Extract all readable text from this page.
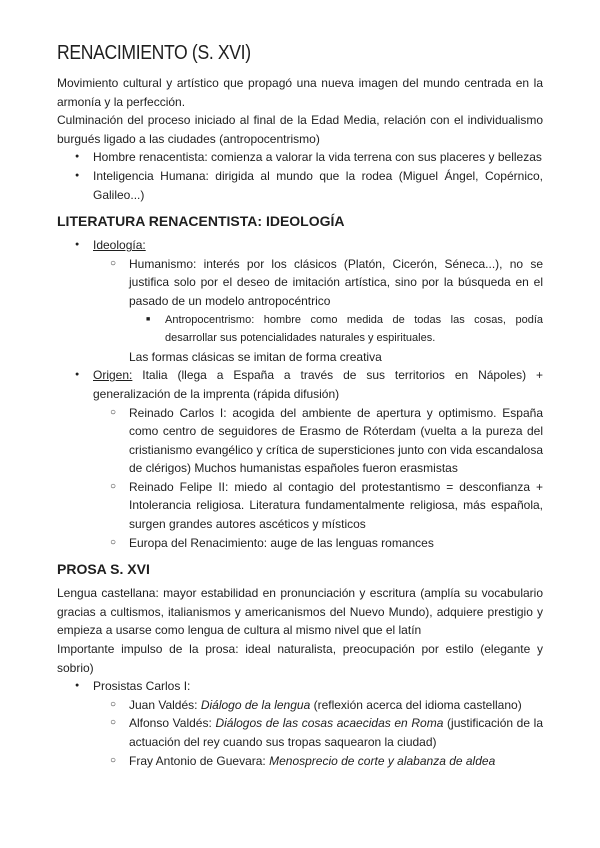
RENACIMIENTO (S. XVI)

Movimiento cultural y artístico que propagó una nueva imagen del mundo centrada en la armonía y la perfección.

Culminación del proceso iniciado al final de la Edad Media, relación con el individualismo burgués ligado a las ciudades (antropocentrismo)

● Hombre renacentista: comienza a valorar la vida terrena con sus placeres y bellezas
● Inteligencia Humana: dirigida al mundo que la rodea (Miguel Ángel, Copérnico, Galileo...)
LITERATURA RENACENTISTA: IDEOLOGÍA
● Ideología:
○ Humanismo: interés por los clásicos (Platón, Cicerón, Séneca...), no se justifica solo por el deseo de imitación artística, sino por la búsqueda en el pasado de un modelo antropocéntrico
■ Antropocentrismo: hombre como medida de todas las cosas, podía desarrollar sus potencialidades naturales y espirituales.
Las formas clásicas se imitan de forma creativa
● Origen: Italia (llega a España a través de sus territorios en Nápoles) + generalización de la imprenta (rápida difusión)
○ Reinado Carlos I: acogida del ambiente de apertura y optimismo. España como centro de seguidores de Erasmo de Róterdam (vuelta a la pureza del cristianismo evangélico y crítica de supersticiones junto con vida escandalosa de clérigos) Muchos humanistas españoles fueron erasmistas
○ Reinado Felipe II: miedo al contagio del protestantismo = desconfianza + Intolerancia religiosa. Literatura fundamentalmente religiosa, más española, surgen grandes autores ascéticos y místicos
○ Europa del Renacimiento: auge de las lenguas romances
PROSA S. XVI

Lengua castellana: mayor estabilidad en pronunciación y escritura (amplía su vocabulario gracias a cultismos, italianismos y americanismos del Nuevo Mundo), adquiere prestigio y empieza a usarse como lengua de cultura al mismo nivel que el latín

Importante impulso de la prosa: ideal naturalista, preocupación por estilo (elegante y sobrio)

● Prosistas Carlos I:
○ Juan Valdés: Diálogo de la lengua (reflexión acerca del idioma castellano)
○ Alfonso Valdés: Diálogos de las cosas acaecidas en Roma (justificación de la actuación del rey cuando sus tropas saquearon la ciudad)
○ Fray Antonio de Guevara: Menosprecio de corte y alabanza de aldea
